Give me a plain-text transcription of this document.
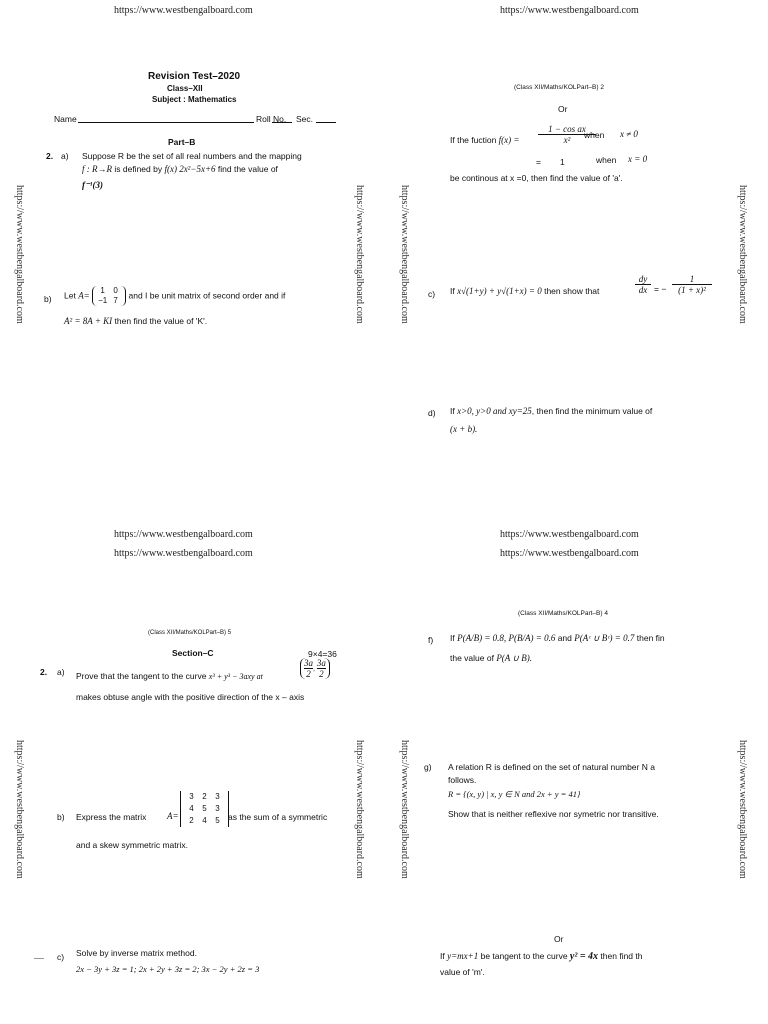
https://www.westbengalboard.com
https://www.westbengalboard.com	https://www.westbengalboard.com
Revision Test–2020
Class–XII
Subject : Mathematics
Name	Roll No. Sec.
Part–B
2. a) Suppose R be the set of all real numbers and the mapping
f : R→R is defined by f(x) 2x²−5x+6 find the value of
f⁻¹(3)
b) Let A=	1 0
−1 7
and I be unit matrix of second order and if
A² = 8A + KI then find the value of 'K'.
https://www.westbengalboard.com
https://www.westbengalboard.com	https://www.westbengalboard.com
(Class XII/Maths/KOLPart–B) 2
Or
If the fuction $f(x) = \frac{\text{1 − cos ax}}{\text{x²}}$
when x ≠ 0
= 1	when x = 0
be continous at x =0, then find the value of 'a'.
c) If x√(1+y) + y√(1+x) = 0 then show that
dy
dx = −
1
(1 + x)²
d) If x>0, y>0 and xy=25, then find the minimum value of
(x + b).
https://www.westbengalboard.com
https://www.westbengalboard.com
https://www.westbengalboard.com	https://www.westbengalboard.com
(Class XII/Maths/KOLPart–B) 5
Section–C	9×4=36
2. a) Prove that the tangent to the curve x³ + y³ − 3axy at	$\frac{3a}{2}$ , $\frac{3a}{2}$
makes obtuse angle with the positive direction of the x – axis
b) Express the matrix A=
3 2 3
4 5 3
2 4 5 as the sum of a symmetric
and a skew symmetric matrix.
c) Solve by inverse matrix method.
2x − 3y + 3z = 1; 2x + 2y + 3z = 2; 3x − 2y + 2z = 3
https://www.westbengalboard.com
https://www.westbengalboard.com
https://www.westbengalboard.com	https://www.westbengalboard.com
(Class XII/Maths/KOLPart–B) 4
f) If P(A/B) = 0.8, P(B/A) = 0.6 and P(Aᶜ ∪ Bᶜ) = 0.7 then fin
the value of P(A ∪ B).
g) A relation R is defined on the set of natural number N a
follows.
R = {(x, y) | x, y ∈ N and 2x + y = 41}
Show that is neither reflexive nor symetric nor transitive.
Or
If y=mx+1 be tangent to the curve y² = 4x then find th
value of 'm'.
